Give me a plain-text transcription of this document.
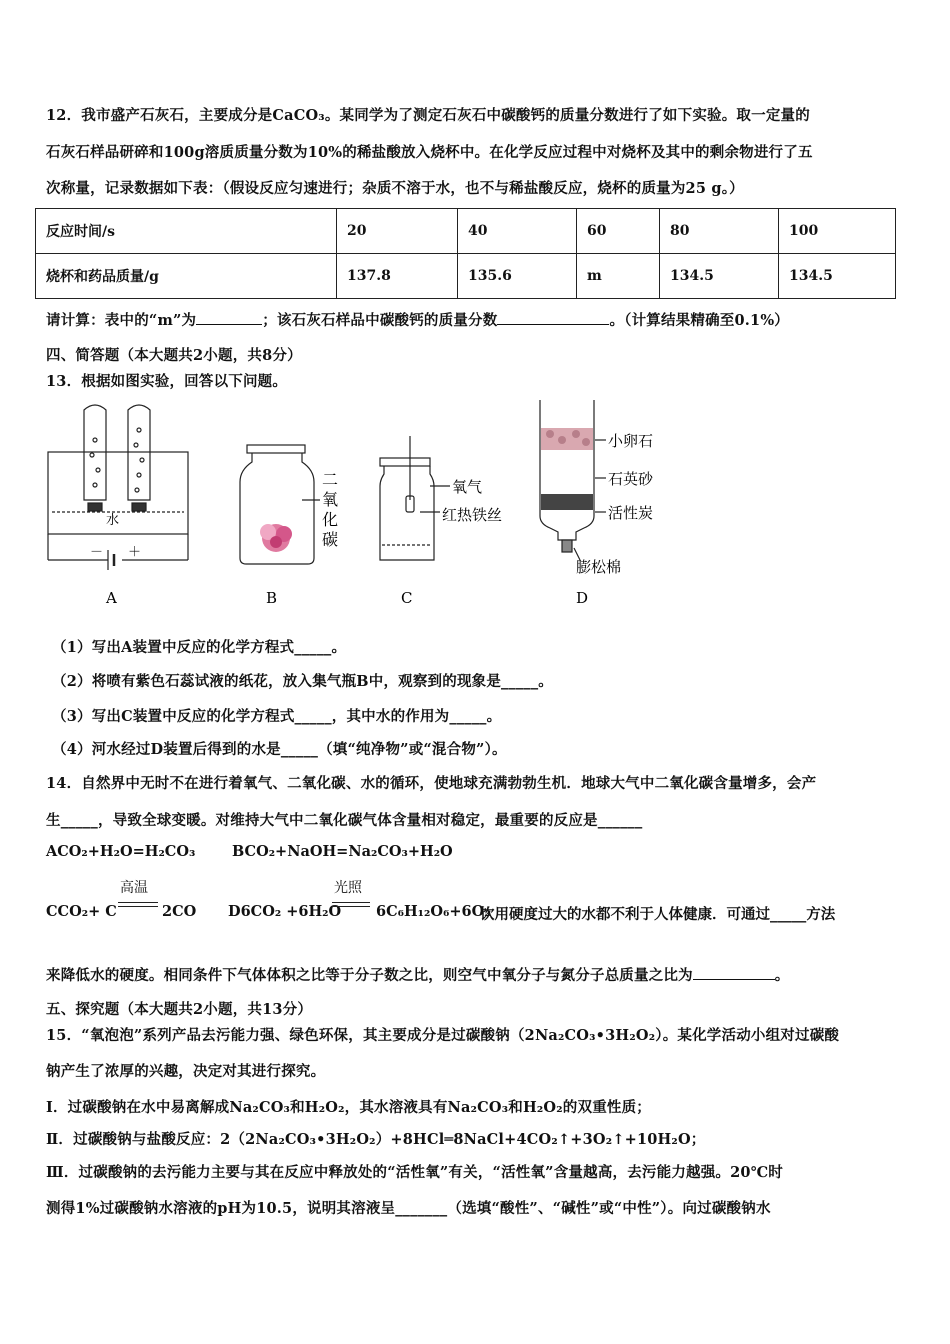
12．我市盛产石灰石，主要成分是CaCO₃。某同学为了测定石灰石中碳酸钙的质量分数进行了如下实验。取一定量的
石灰石样品研碎和100g溶质质量分数为10%的稀盐酸放入烧杯中。在化学反应过程中对烧杯及其中的剩余物进行了五
次称量，记录数据如下表：（假设反应匀速进行；杂质不溶于水，也不与稀盐酸反应，烧杯的质量为25 g。）
反应时间/s	20	40	60	80	100
烧杯和药品质量/g	137.8	135.6	m	134.5	134.5
请计算：表中的“m”为	；该石灰石样品中碳酸钙的质量分数	。（计算结果精确至0.1%）
四、简答题（本大题共2小题，共8分）
13．根据如图实验，回答以下问题。
水
－ ＋
二
氧
化
碳
氧气
红热铁丝
小卵石
石英砂
活性炭
膨松棉
A	B	C	D
（1）写出A装置中反应的化学方程式_____。
（2）将喷有紫色石蕊试液的纸花，放入集气瓶B中，观察到的现象是_____。
（3）写出C装置中反应的化学方程式_____，其中水的作用为_____。
（4）河水经过D装置后得到的水是_____（填“纯净物”或“混合物”）。
14．自然界中无时不在进行着氧气、二氧化碳、水的循环，使地球充满勃勃生机．地球大气中二氧化碳含量增多，会产
生_____，导致全球变暖。对维持大气中二氧化碳气体含量相对稳定，最重要的反应是______
ACO₂+H₂O=H₂CO₃	BCO₂+NaOH=Na₂CO₃+H₂O
CCO₂+ C
高温
2CO D6CO₂ +6H₂O
光照
6C₆H₁₂O₆+6O₂
饮用硬度过大的水都不利于人体健康．可通过_____方法
来降低水的硬度。相同条件下气体体积之比等于分子数之比，则空气中氧分子与氮分子总质量之比为	。
五、探究题（本大题共2小题，共13分）
15．“氧泡泡”系列产品去污能力强、绿色环保，其主要成分是过碳酸钠（2Na₂CO₃•3H₂O₂）。某化学活动小组对过碳酸
钠产生了浓厚的兴趣，决定对其进行探究。
Ⅰ．过碳酸钠在水中易离解成Na₂CO₃和H₂O₂，其水溶液具有Na₂CO₃和H₂O₂的双重性质；
Ⅱ．过碳酸钠与盐酸反应：2（2Na₂CO₃•3H₂O₂）+8HCl═8NaCl+4CO₂↑+3O₂↑+10H₂O；
Ⅲ．过碳酸钠的去污能力主要与其在反应中释放处的“活性氧”有关，“活性氧”含量越高，去污能力越强。20℃时
测得1%过碳酸钠水溶液的pH为10.5，说明其溶液呈_______（选填“酸性”、“碱性”或“中性”）。向过碳酸钠水
